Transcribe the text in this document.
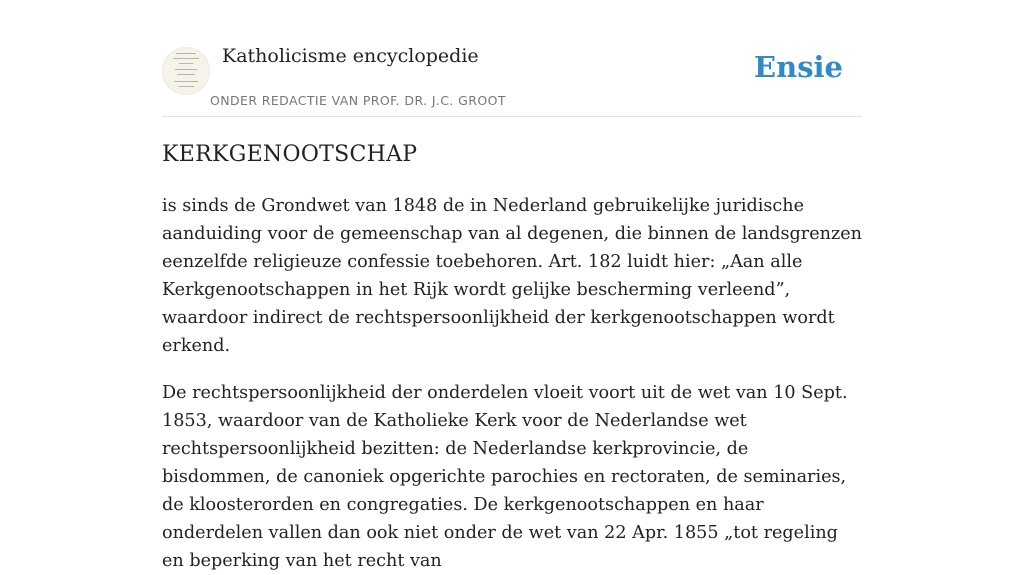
Katholicisme encyclopedie
ONDER REDACTIE VAN PROF. DR. J.C. GROOT
Ensie
KERKGENOOTSCHAP

is sinds de Grondwet van 1848 de in Nederland gebruikelijke juridische aanduiding voor de gemeenschap van al degenen, die binnen de landsgrenzen eenzelfde religieuze confessie toebehoren. Art. 182 luidt hier: „Aan alle Kerkgenootschappen in het Rijk wordt gelijke bescherming verleend”, waardoor indirect de rechtspersoonlijkheid der kerkgenootschappen wordt erkend.

De rechtspersoonlijkheid der onderdelen vloeit voort uit de wet van 10 Sept. 1853, waardoor van de Katholieke Kerk voor de Nederlandse wet rechtspersoonlijkheid bezitten: de Nederlandse kerkprovincie, de bisdommen, de canoniek opgerichte parochies en rectoraten, de seminaries, de kloosterorden en congregaties. De kerkgenootschappen en haar onderdelen vallen dan ook niet onder de wet van 22 Apr. 1855 „tot regeling en beperking van het recht van
